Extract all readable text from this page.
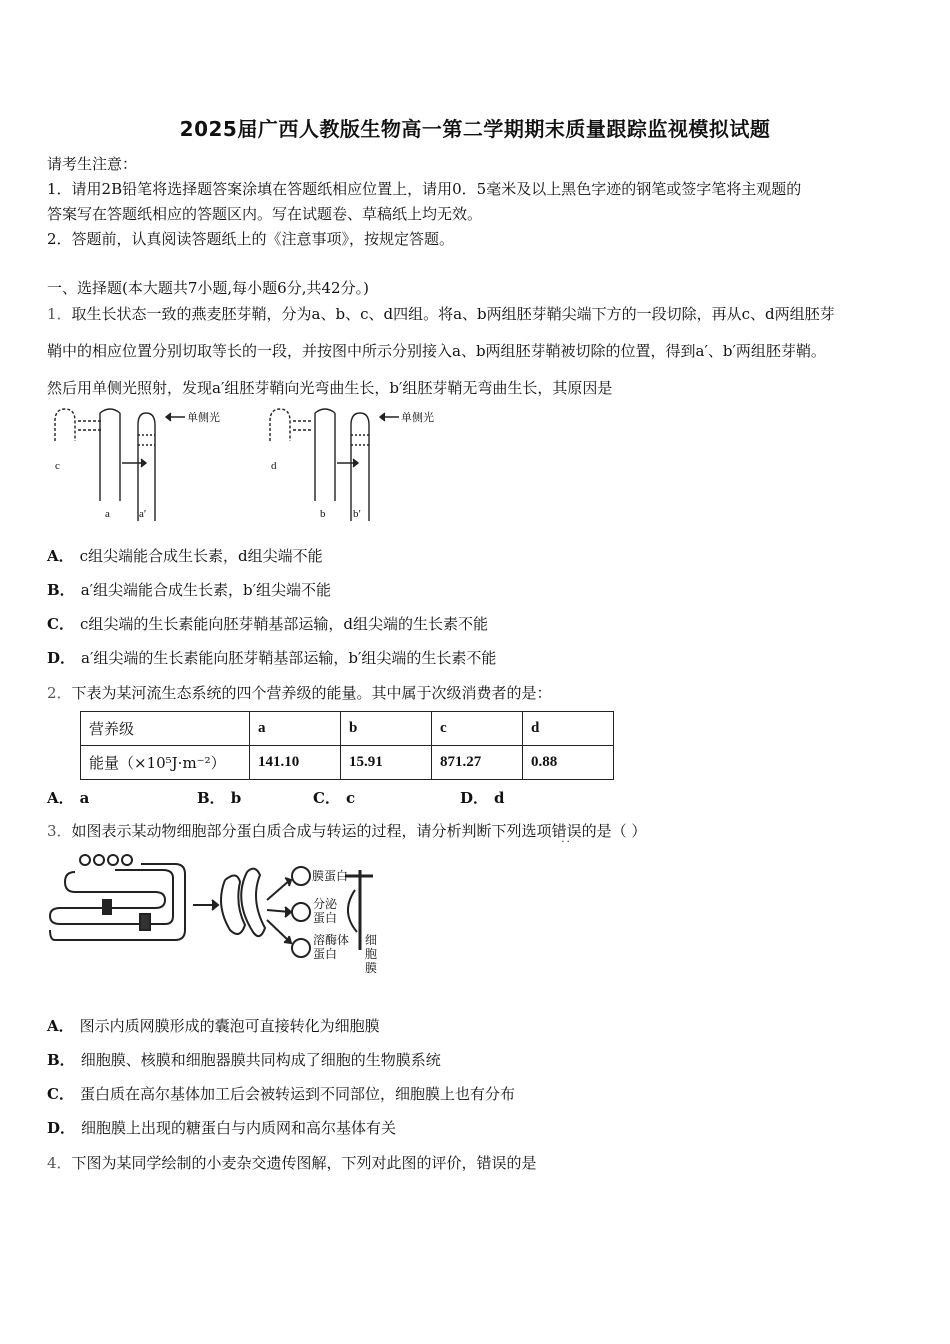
2025届广西人教版生物高一第二学期期末质量跟踪监视模拟试题
请考生注意：
1．请用2B铅笔将选择题答案涂填在答题纸相应位置上，请用0．5毫米及以上黑色字迹的钢笔或签字笔将主观题的
答案写在答题纸相应的答题区内。写在试题卷、草稿纸上均无效。
2．答题前，认真阅读答题纸上的《注意事项》，按规定答题。
一、选择题(本大题共7小题,每小题6分,共42分。)
1．取生长状态一致的燕麦胚芽鞘，分为a、b、c、d四组。将a、b两组胚芽鞘尖端下方的一段切除，再从c、d两组胚芽
鞘中的相应位置分别切取等长的一段，并按图中所示分别接入a、b两组胚芽鞘被切除的位置，得到a′、b′两组胚芽鞘。
然后用单侧光照射，发现a′组胚芽鞘向光弯曲生长，b′组胚芽鞘无弯曲生长，其原因是
单侧光	单侧光
c
a	a′
d
b	b′
A． c组尖端能合成生长素，d组尖端不能
B． a′组尖端能合成生长素，b′组尖端不能
C． c组尖端的生长素能向胚芽鞘基部运输，d组尖端的生长素不能
D． a′组尖端的生长素能向胚芽鞘基部运输，b′组尖端的生长素不能
2．下表为某河流生态系统的四个营养级的能量。其中属于次级消费者的是：
营养级	a	b	c	d
能量（×10⁵J·m⁻²）	141.10	15.91	871.27	0.88
A． a	B． b	C． c	D． d
3．如图表示某动物细胞部分蛋白质合成与转运的过程，请分析判断下列选项错误
··
的是（ ）
膜蛋白
分泌
蛋白
溶酶体
蛋白
细
胞
膜
A． 图示内质网膜形成的囊泡可直接转化为细胞膜
B． 细胞膜、核膜和细胞器膜共同构成了细胞的生物膜系统
C． 蛋白质在高尔基体加工后会被转运到不同部位，细胞膜上也有分布
D． 细胞膜上出现的糖蛋白与内质网和高尔基体有关
4．下图为某同学绘制的小麦杂交遗传图解，下列对此图的评价，错误的是
